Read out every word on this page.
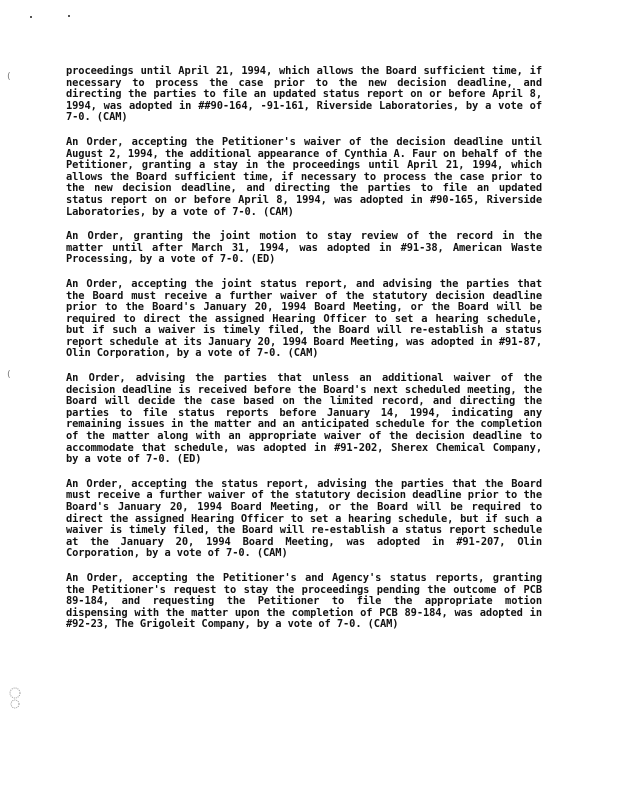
(
(

proceedings until April 21, 1994, which allows the Board sufficient time, if necessary to process the case prior to the new decision deadline, and directing the parties to file an updated status report on or before April 8, 1994, was adopted in ##90-164, -91-161, Riverside Laboratories, by a vote of 7-0. (CAM)

An Order, accepting the Petitioner's waiver of the decision deadline until August 2, 1994, the additional appearance of Cynthia A. Faur on behalf of the Petitioner, granting a stay in the proceedings until April 21, 1994, which allows the Board sufficient time, if necessary to process the case prior to the new decision deadline, and directing the parties to file an updated status report on or before April 8, 1994, was adopted in #90-165, Riverside Laboratories, by a vote of 7-0. (CAM)

An Order, granting the joint motion to stay review of the record in the matter until after March 31, 1994, was adopted in #91-38, American Waste Processing, by a vote of 7-0. (ED)

An Order, accepting the joint status report, and advising the parties that the Board must receive a further waiver of the statutory decision deadline prior to the Board's January 20, 1994 Board Meeting, or the Board will be required to direct the assigned Hearing Officer to set a hearing schedule, but if such a waiver is timely filed, the Board will re-establish a status report schedule at its January 20, 1994 Board Meeting, was adopted in #91-87, Olin Corporation, by a vote of 7-0. (CAM)

An Order, advising the parties that unless an additional waiver of the decision deadline is received before the Board's next scheduled meeting, the Board will decide the case based on the limited record, and directing the parties to file status reports before January 14, 1994, indicating any remaining issues in the matter and an anticipated schedule for the completion of the matter along with an appropriate waiver of the decision deadline to accommodate that schedule, was adopted in #91-202, Sherex Chemical Company, by a vote of 7-0. (ED)

An Order, accepting the status report, advising the parties that the Board must receive a further waiver of the statutory decision deadline prior to the Board's January 20, 1994 Board Meeting, or the Board will be required to direct the assigned Hearing Officer to set a hearing schedule, but if such a waiver is timely filed, the Board will re-establish a status report schedule at the January 20, 1994 Board Meeting, was adopted in #91-207, Olin Corporation, by a vote of 7-0. (CAM)

An Order, accepting the Petitioner's and Agency's status reports, granting the Petitioner's request to stay the proceedings pending the outcome of PCB 89-184, and requesting the Petitioner to file the appropriate motion dispensing with the matter upon the completion of PCB 89-184, was adopted in #92-23, The Grigoleit Company, by a vote of 7-0. (CAM)
